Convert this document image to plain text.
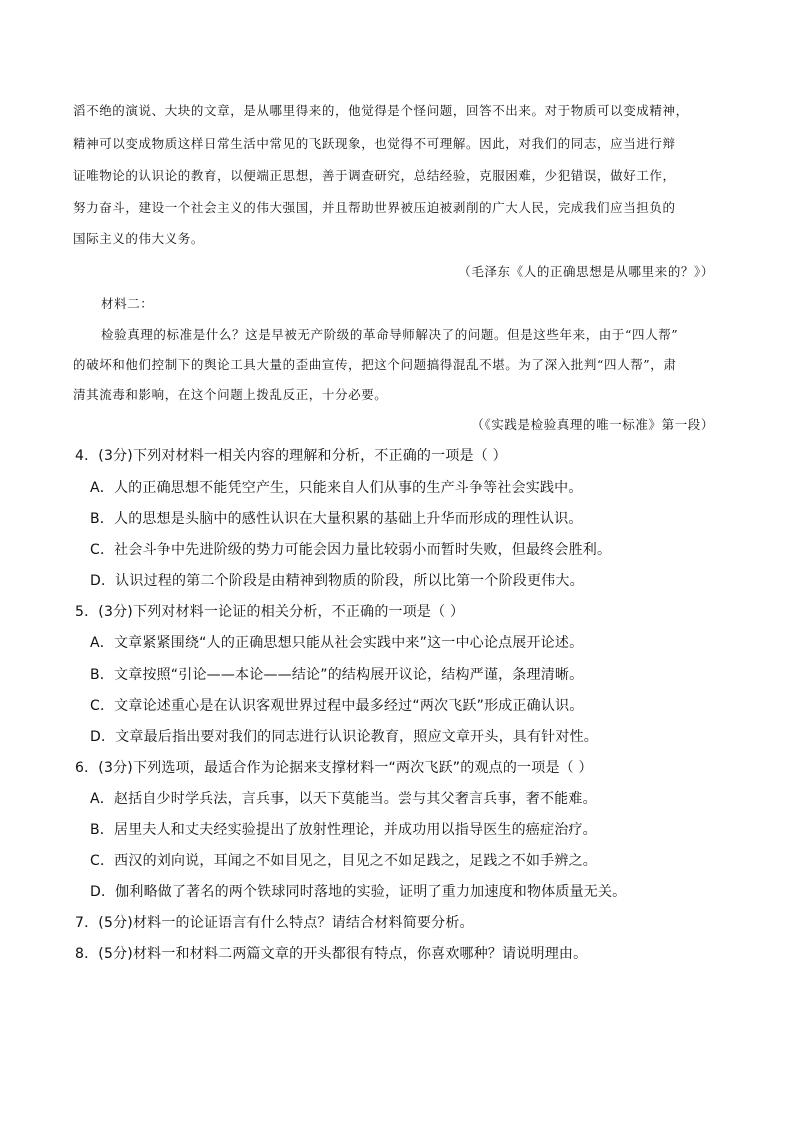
滔不绝的演说、大块的文章，是从哪里得来的，他觉得是个怪问题，回答不出来。对于物质可以变成精神，
精神可以变成物质这样日常生活中常见的飞跃现象，也觉得不可理解。因此，对我们的同志，应当进行辩
证唯物论的认识论的教育，以便端正思想，善于调查研究，总结经验，克服困难，少犯错误，做好工作，
努力奋斗，建设一个社会主义的伟大强国，并且帮助世界被压迫被剥削的广大人民，完成我们应当担负的
国际主义的伟大义务。
（毛泽东《人的正确思想是从哪里来的？》）
材料二：
检验真理的标准是什么？这是早被无产阶级的革命导师解决了的问题。但是这些年来，由于“四人帮”
的破坏和他们控制下的舆论工具大量的歪曲宣传，把这个问题搞得混乱不堪。为了深入批判“四人帮”，肃
清其流毒和影响，在这个问题上拨乱反正，十分必要。
（《实践是检验真理的唯一标准》第一段）
4．(3分)下列对材料一相关内容的理解和分析，不正确的一项是（ ）
A．人的正确思想不能凭空产生，只能来自人们从事的生产斗争等社会实践中。
B．人的思想是头脑中的感性认识在大量积累的基础上升华而形成的理性认识。
C．社会斗争中先进阶级的势力可能会因力量比较弱小而暂时失败，但最终会胜利。
D．认识过程的第二个阶段是由精神到物质的阶段，所以比第一个阶段更伟大。
5．(3分)下列对材料一论证的相关分析，不正确的一项是（ ）
A．文章紧紧围绕“人的正确思想只能从社会实践中来”这一中心论点展开论述。
B．文章按照“引论——本论——结论”的结构展开议论，结构严谨，条理清晰。
C．文章论述重心是在认识客观世界过程中最多经过“两次飞跃”形成正确认识。
D．文章最后指出要对我们的同志进行认识论教育，照应文章开头，具有针对性。
6．(3分)下列选项，最适合作为论据来支撑材料一“两次飞跃”的观点的一项是（ ）
A．赵括自少时学兵法，言兵事，以天下莫能当。尝与其父奢言兵事，奢不能难。
B．居里夫人和丈夫经实验提出了放射性理论，并成功用以指导医生的癌症治疗。
C．西汉的刘向说，耳闻之不如目见之，目见之不如足践之，足践之不如手辨之。
D．伽利略做了著名的两个铁球同时落地的实验，证明了重力加速度和物体质量无关。
7．(5分)材料一的论证语言有什么特点？请结合材料简要分析。
8．(5分)材料一和材料二两篇文章的开头都很有特点，你喜欢哪种？请说明理由。
